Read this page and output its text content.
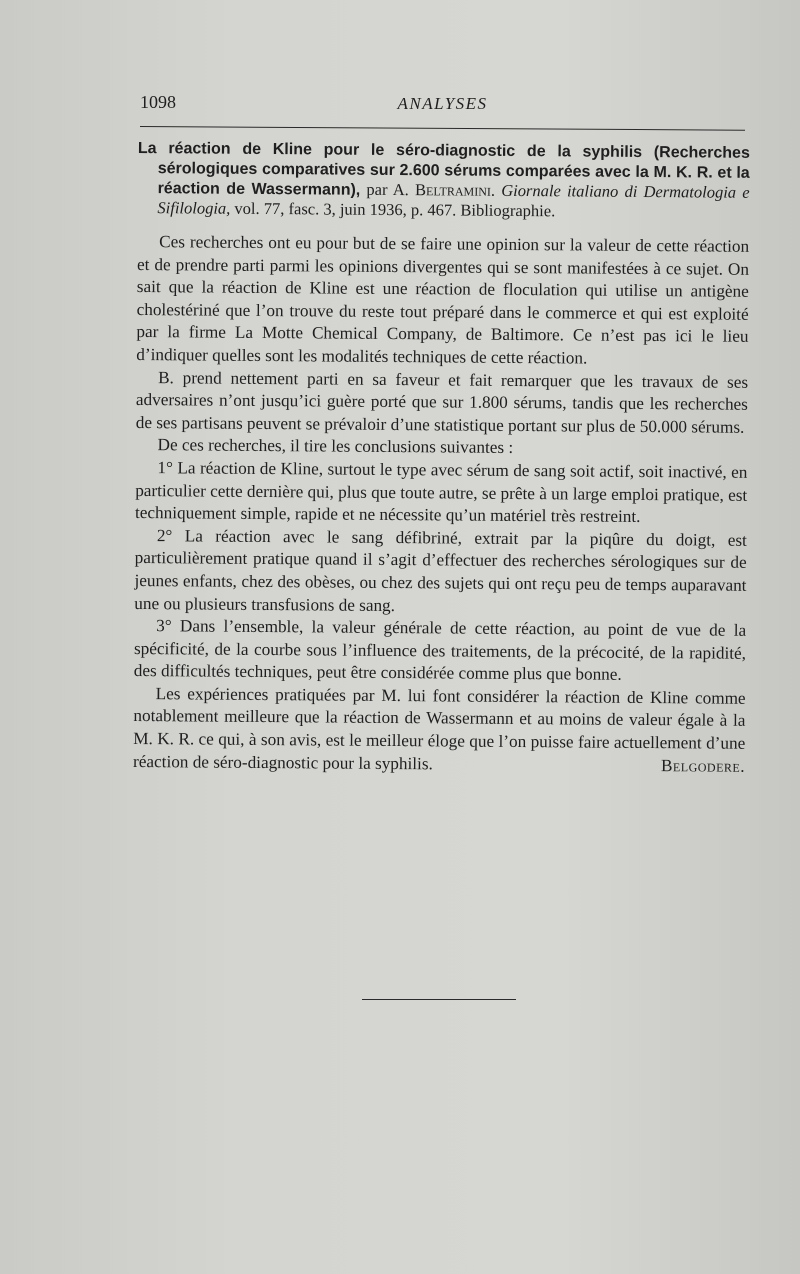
1098	ANALYSES

La réaction de Kline pour le séro-diagnostic de la syphilis (Recherches sérologiques comparatives sur 2.600 sérums comparées avec la M. K. R. et la réaction de Wassermann), par A. Beltramini. Giornale italiano di Dermatologia e Sifilologia, vol. 77, fasc. 3, juin 1936, p. 467. Bibliographie.

Ces recherches ont eu pour but de se faire une opinion sur la valeur de cette réaction et de prendre parti parmi les opinions divergentes qui se sont manifestées à ce sujet. On sait que la réaction de Kline est une réaction de floculation qui utilise un antigène cholestériné que l’on trouve du reste tout préparé dans le commerce et qui est exploité par la firme La Motte Chemical Company, de Baltimore. Ce n’est pas ici le lieu d’indiquer quelles sont les modalités techniques de cette réaction.

B. prend nettement parti en sa faveur et fait remarquer que les travaux de ses adversaires n’ont jusqu’ici guère porté que sur 1.800 sérums, tandis que les recherches de ses partisans peuvent se prévaloir d’une statistique portant sur plus de 50.000 sérums.

De ces recherches, il tire les conclusions suivantes :

1° La réaction de Kline, surtout le type avec sérum de sang soit actif, soit inactivé, en particulier cette dernière qui, plus que toute autre, se prête à un large emploi pratique, est techniquement simple, rapide et ne nécessite qu’un matériel très restreint.

2° La réaction avec le sang défibriné, extrait par la piqûre du doigt, est particulièrement pratique quand il s’agit d’effectuer des recherches sérologiques sur de jeunes enfants, chez des obèses, ou chez des sujets qui ont reçu peu de temps auparavant une ou plusieurs transfusions de sang.

3° Dans l’ensemble, la valeur générale de cette réaction, au point de vue de la spécificité, de la courbe sous l’influence des traitements, de la précocité, de la rapidité, des difficultés techniques, peut être considérée comme plus que bonne.

Les expériences pratiquées par M. lui font considérer la réaction de Kline comme notablement meilleure que la réaction de Wassermann et au moins de valeur égale à la M. K. R. ce qui, à son avis, est le meilleur éloge que l’on puisse faire actuellement d’une réaction de séro-diagnostic pour la syphilis.	Belgodere.
